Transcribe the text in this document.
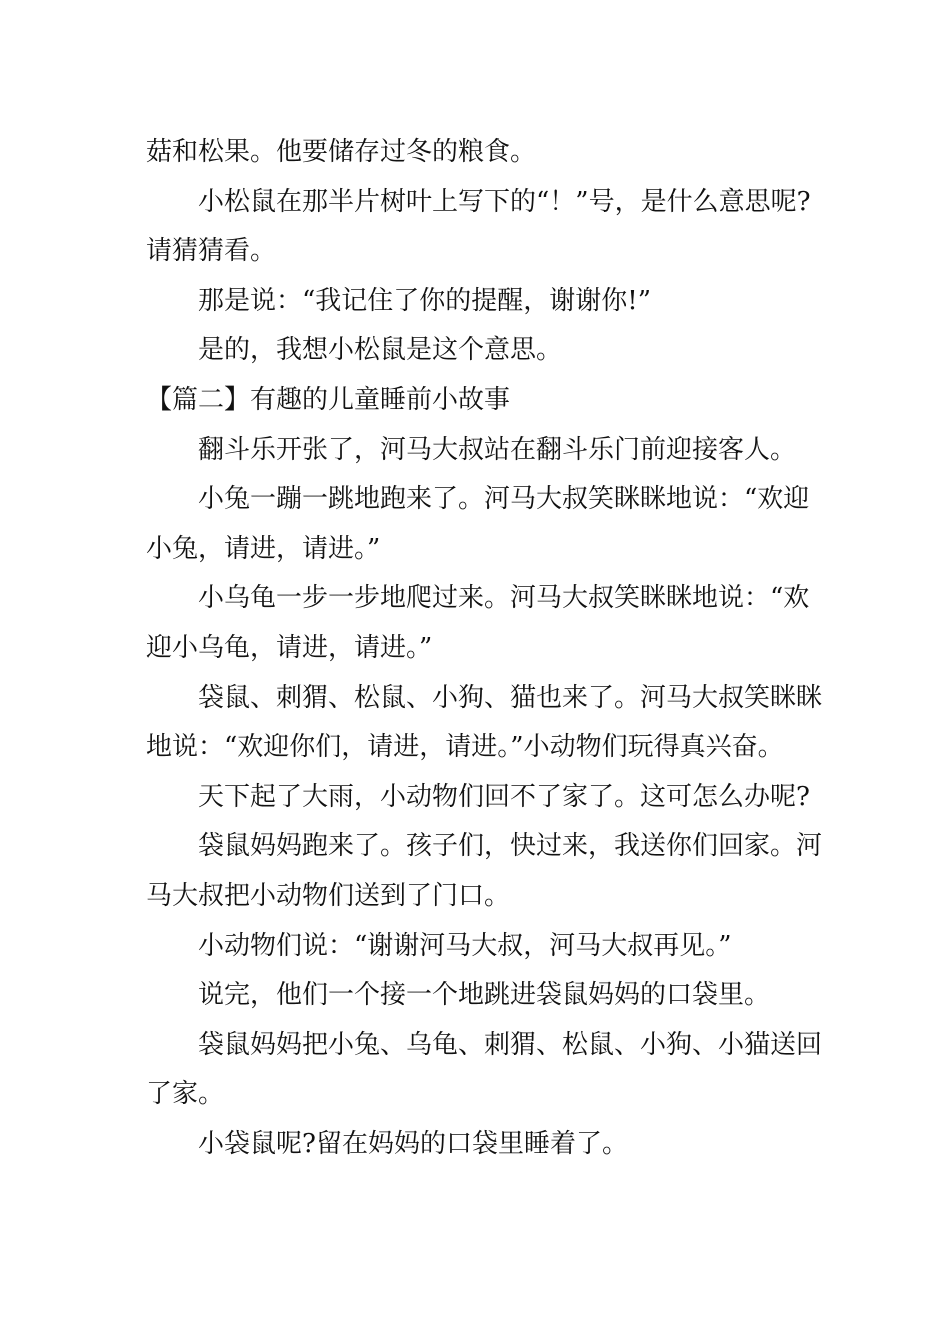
菇和松果。他要储存过冬的粮食。

小松鼠在那半片树叶上写下的“！”号，是什么意思呢?请猜猜看。

那是说：“我记住了你的提醒，谢谢你!”

是的，我想小松鼠是这个意思。

【篇二】有趣的儿童睡前小故事

翻斗乐开张了，河马大叔站在翻斗乐门前迎接客人。

小兔一蹦一跳地跑来了。河马大叔笑眯眯地说：“欢迎小兔，请进，请进。”

小乌龟一步一步地爬过来。河马大叔笑眯眯地说：“欢迎小乌龟，请进，请进。”

袋鼠、刺猬、松鼠、小狗、猫也来了。河马大叔笑眯眯地说：“欢迎你们，请进，请进。”小动物们玩得真兴奋。

天下起了大雨，小动物们回不了家了。这可怎么办呢?

袋鼠妈妈跑来了。孩子们，快过来，我送你们回家。河马大叔把小动物们送到了门口。

小动物们说：“谢谢河马大叔，河马大叔再见。”

说完，他们一个接一个地跳进袋鼠妈妈的口袋里。

袋鼠妈妈把小兔、乌龟、刺猬、松鼠、小狗、小猫送回了家。

小袋鼠呢?留在妈妈的口袋里睡着了。
